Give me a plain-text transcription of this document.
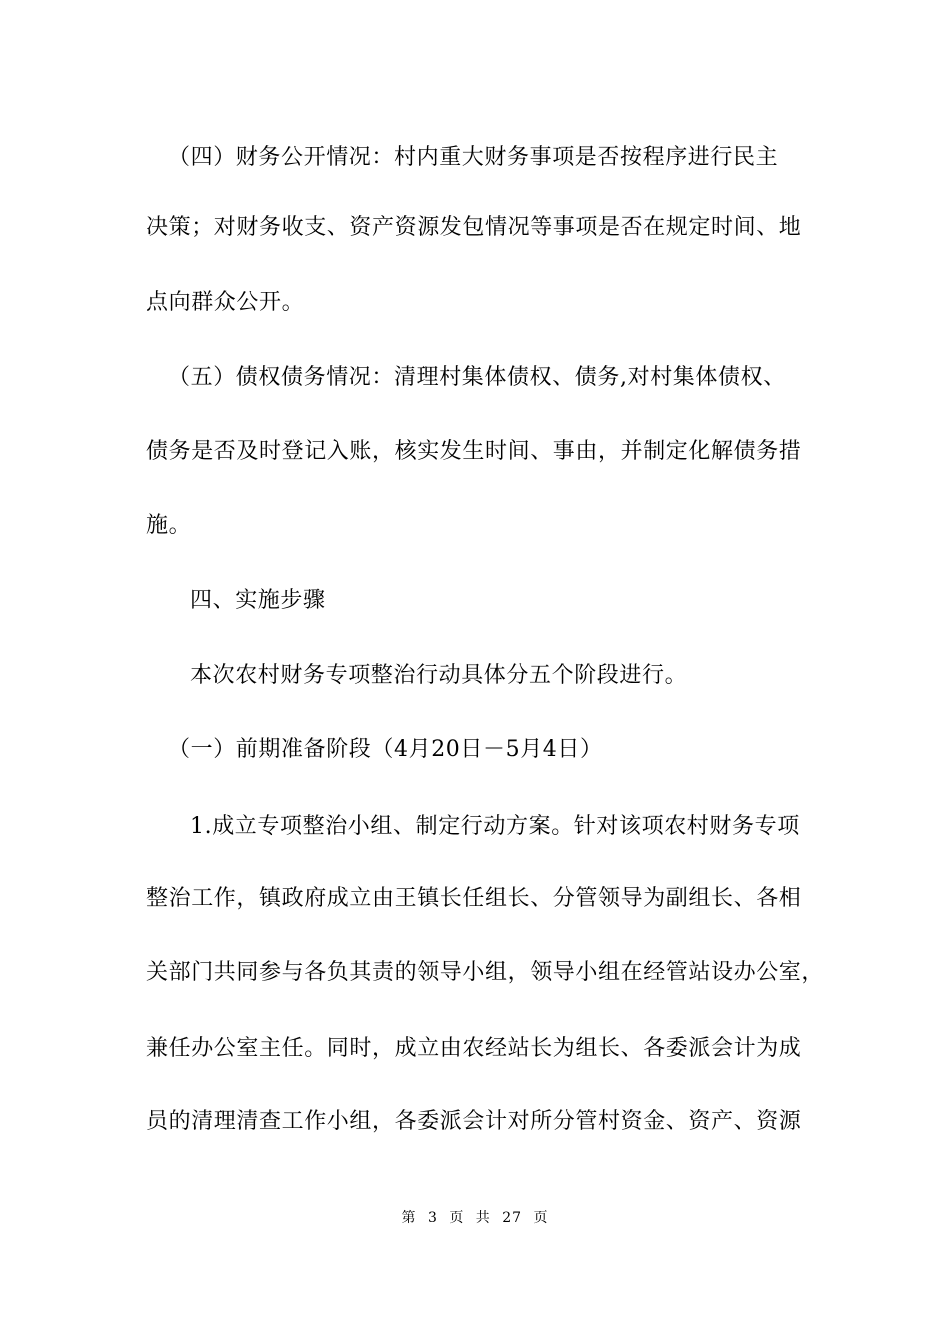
（四）财务公开情况：村内重大财务事项是否按程序进行民主
决策；对财务收支、资产资源发包情况等事项是否在规定时间、地
点向群众公开。
（五）债权债务情况：清理村集体债权、债务,对村集体债权、
债务是否及时登记入账，核实发生时间、事由，并制定化解债务措
施。
四、实施步骤
本次农村财务专项整治行动具体分五个阶段进行。
（一）前期准备阶段（4月20日－5月4日）
1.成立专项整治小组、制定行动方案。针对该项农村财务专项
整治工作，镇政府成立由王镇长任组长、分管领导为副组长、各相
关部门共同参与各负其责的领导小组，领导小组在经管站设办公室，
兼任办公室主任。同时，成立由农经站长为组长、各委派会计为成
员的清理清查工作小组，各委派会计对所分管村资金、资产、资源
第 3 页 共 27 页
